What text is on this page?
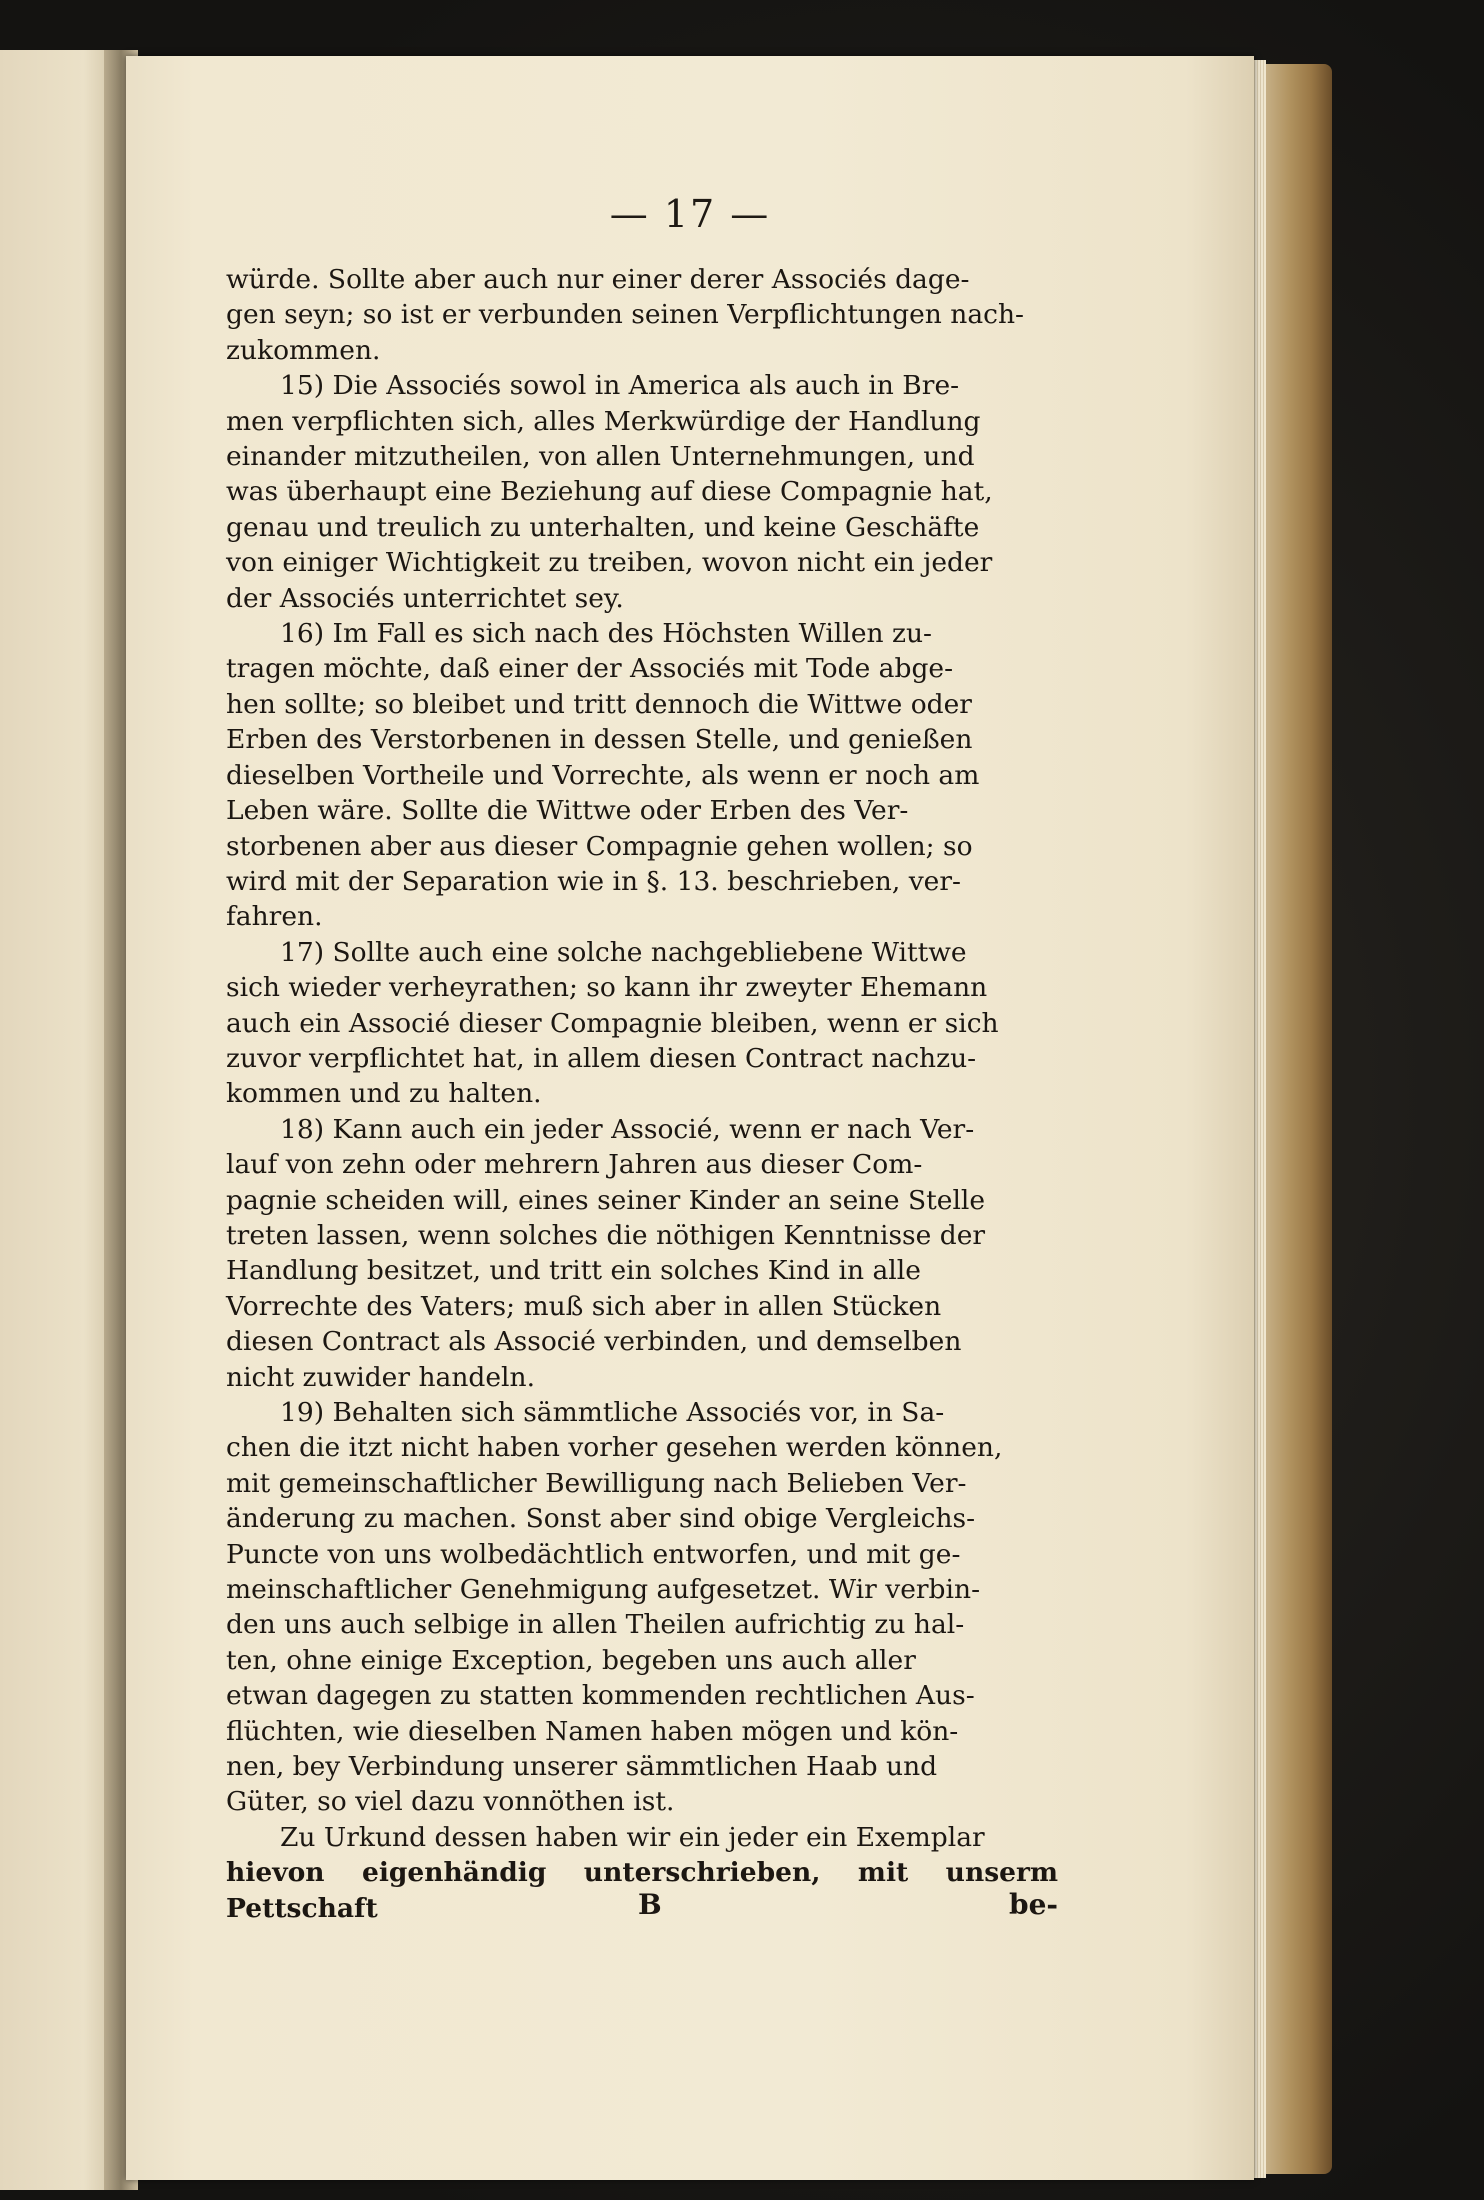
— 17 —

würde. Sollte aber auch nur einer derer Associés dage-

gen seyn; so ist er verbunden seinen Verpflichtungen nach-

zukommen.

15) Die Associés sowol in America als auch in Bre-

men verpflichten sich, alles Merkwürdige der Handlung

einander mitzutheilen, von allen Unternehmungen, und

was überhaupt eine Beziehung auf diese Compagnie hat,

genau und treulich zu unterhalten, und keine Geschäfte

von einiger Wichtigkeit zu treiben, wovon nicht ein jeder

der Associés unterrichtet sey.

16) Im Fall es sich nach des Höchsten Willen zu-

tragen möchte, daß einer der Associés mit Tode abge-

hen sollte; so bleibet und tritt dennoch die Wittwe oder

Erben des Verstorbenen in dessen Stelle, und genießen

dieselben Vortheile und Vorrechte, als wenn er noch am

Leben wäre. Sollte die Wittwe oder Erben des Ver-

storbenen aber aus dieser Compagnie gehen wollen; so

wird mit der Separation wie in §. 13. beschrieben, ver-

fahren.

17) Sollte auch eine solche nachgebliebene Wittwe

sich wieder verheyrathen; so kann ihr zweyter Ehemann

auch ein Associé dieser Compagnie bleiben, wenn er sich

zuvor verpflichtet hat, in allem diesen Contract nachzu-

kommen und zu halten.

18) Kann auch ein jeder Associé, wenn er nach Ver-

lauf von zehn oder mehrern Jahren aus dieser Com-

pagnie scheiden will, eines seiner Kinder an seine Stelle

treten lassen, wenn solches die nöthigen Kenntnisse der

Handlung besitzet, und tritt ein solches Kind in alle

Vorrechte des Vaters; muß sich aber in allen Stücken

diesen Contract als Associé verbinden, und demselben

nicht zuwider handeln.

19) Behalten sich sämmtliche Associés vor, in Sa-

chen die itzt nicht haben vorher gesehen werden können,

mit gemeinschaftlicher Bewilligung nach Belieben Ver-

änderung zu machen. Sonst aber sind obige Vergleichs-

Puncte von uns wolbedächtlich entworfen, und mit ge-

meinschaftlicher Genehmigung aufgesetzet. Wir verbin-

den uns auch selbige in allen Theilen aufrichtig zu hal-

ten, ohne einige Exception, begeben uns auch aller

etwan dagegen zu statten kommenden rechtlichen Aus-

flüchten, wie dieselben Namen haben mögen und kön-

nen, bey Verbindung unserer sämmtlichen Haab und

Güter, so viel dazu vonnöthen ist.

Zu Urkund dessen haben wir ein jeder ein Exemplar

hievon eigenhändig unterschrieben, mit unserm Pettschaft	B	be-
